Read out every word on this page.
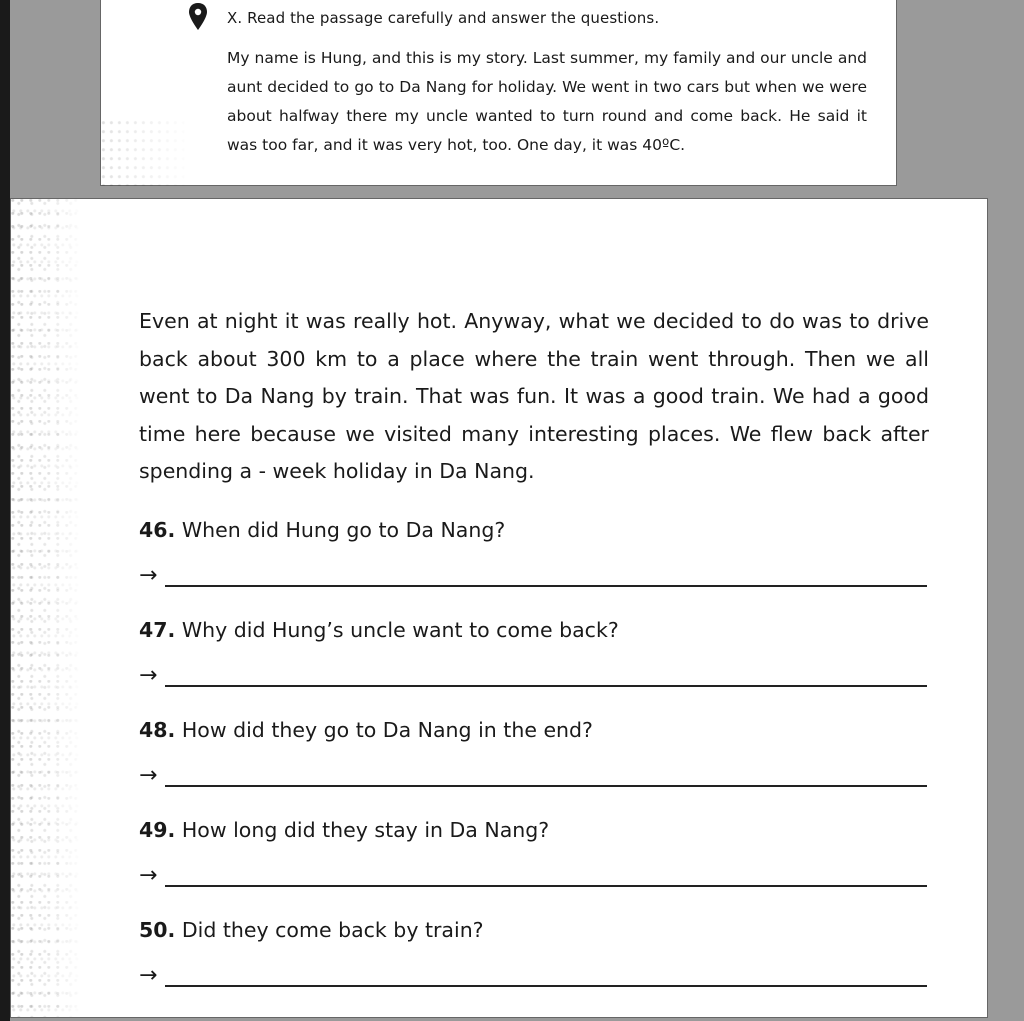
X. Read the passage carefully and answer the questions.
My name is Hung, and this is my story. Last summer, my family and our uncle and aunt decided to go to Da Nang for holiday. We went in two cars but when we were about halfway there my uncle wanted to turn round and come back. He said it was too far, and it was very hot, too. One day, it was 40ºC.
Even at night it was really hot. Anyway, what we decided to do was to drive back about 300 km to a place where the train went through. Then we all went to Da Nang by train. That was fun. It was a good train. We had a good time here because we visited many interesting places. We flew back after spending a - week holiday in Da Nang.
46. When did Hung go to Da Nang?
→
47. Why did Hung’s uncle want to come back?
→
48. How did they go to Da Nang in the end?
→
49. How long did they stay in Da Nang?
→
50. Did they come back by train?
→
